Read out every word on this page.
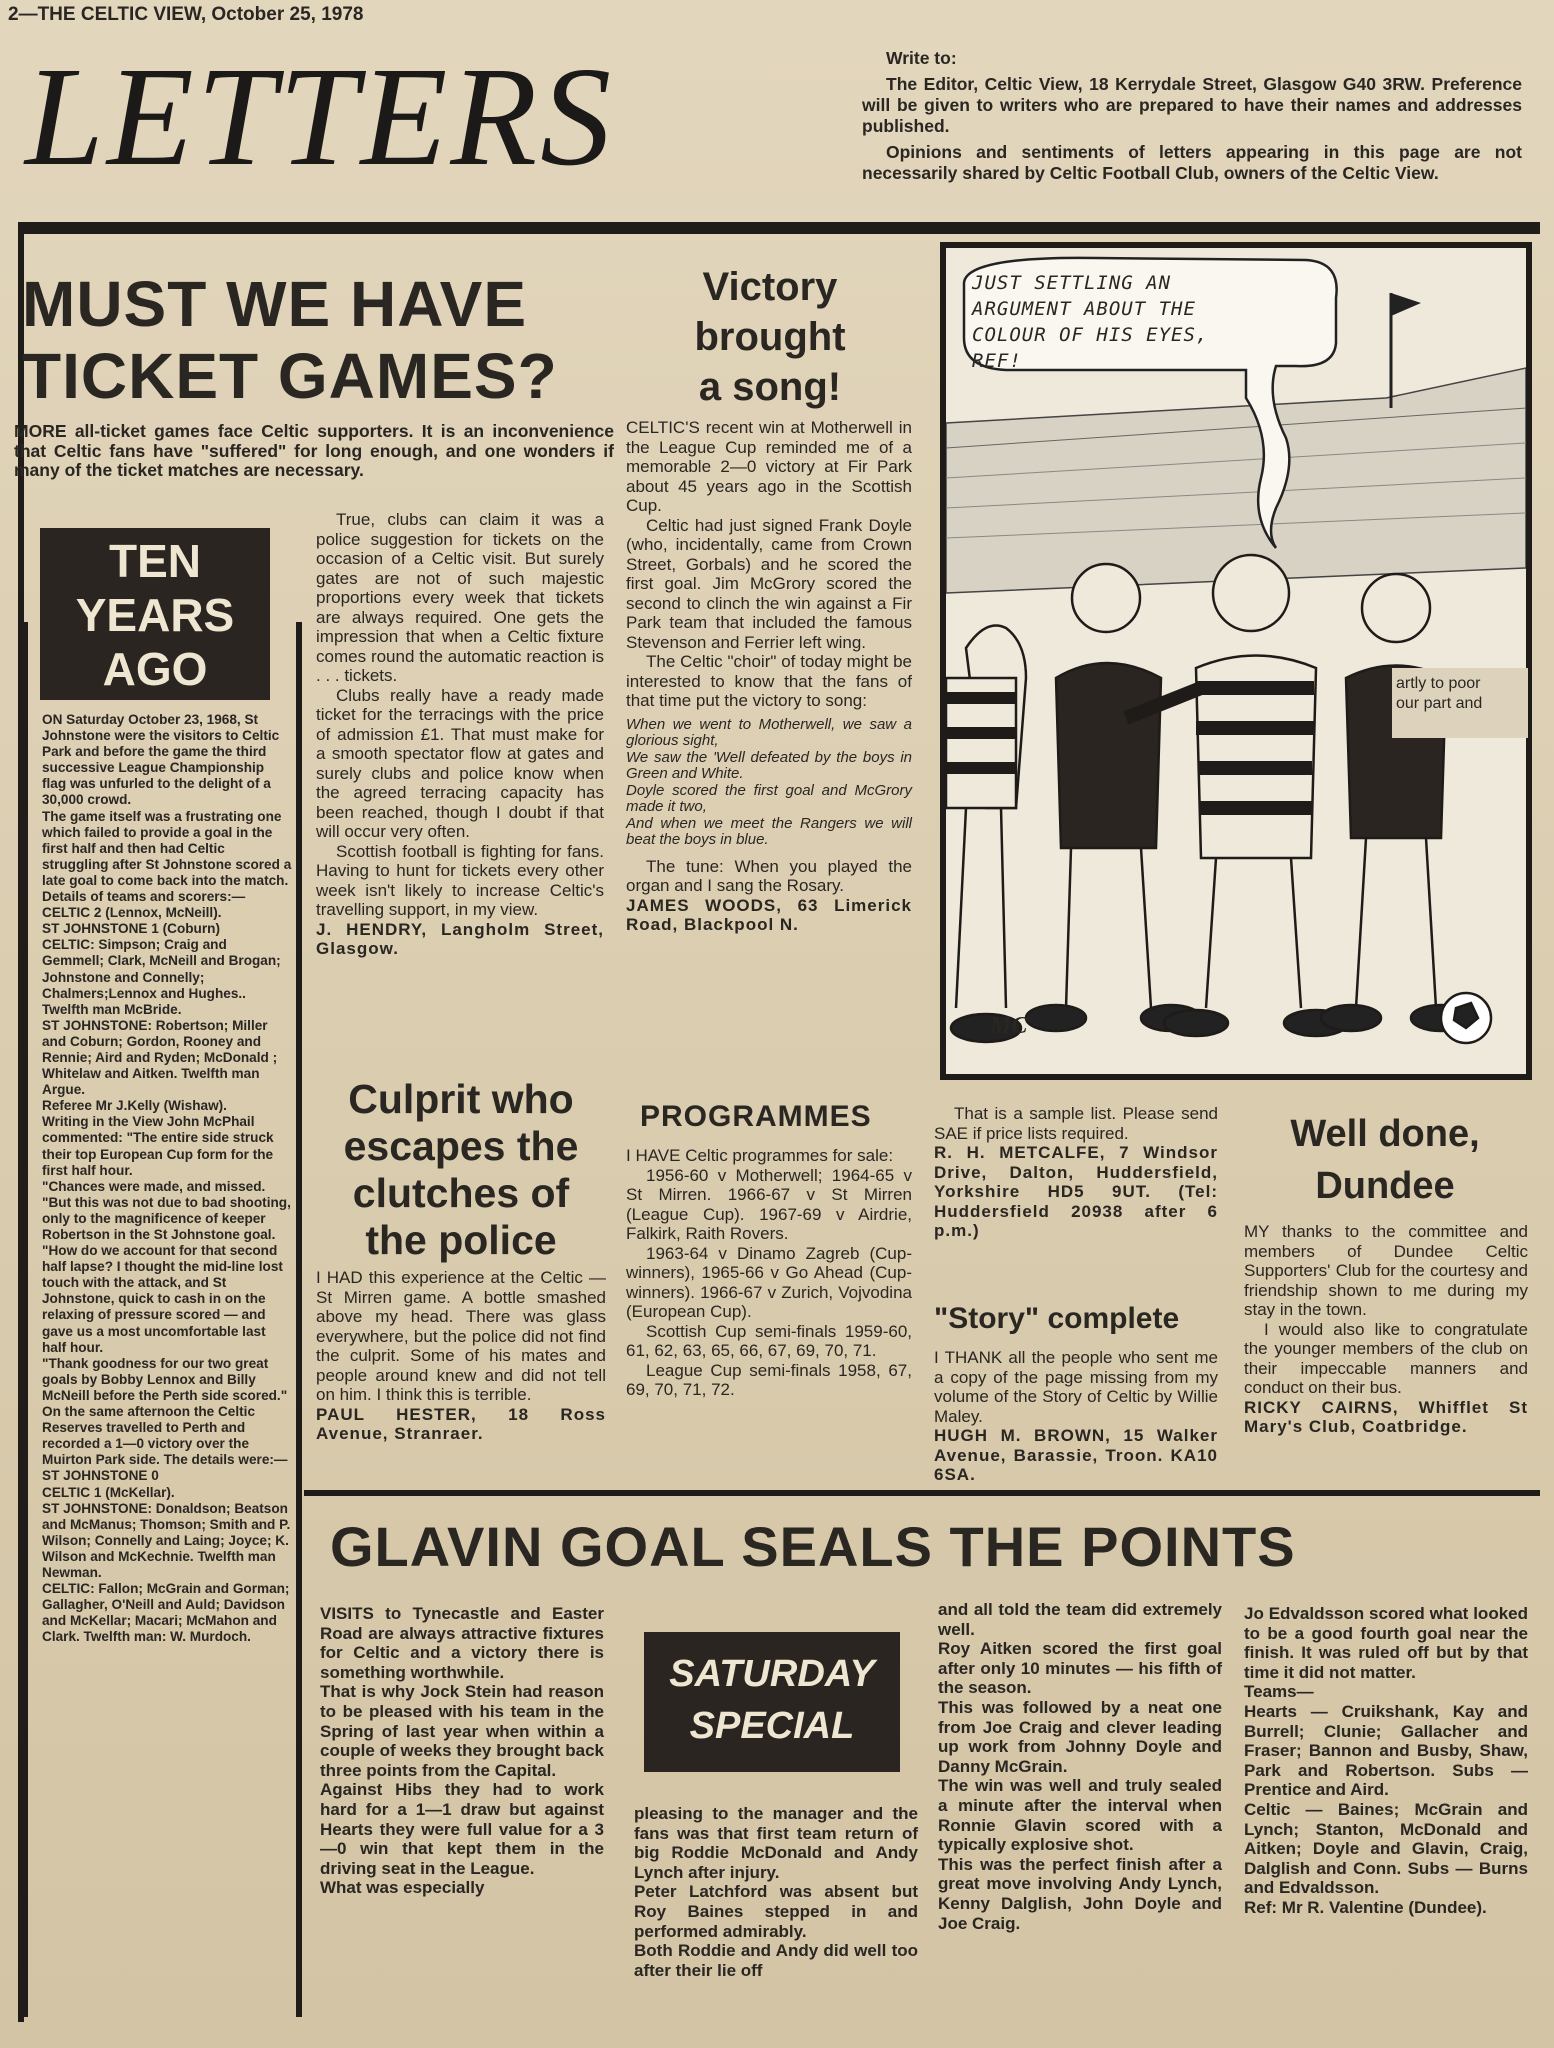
2—THE CELTIC VIEW, October 25, 1978
LETTERS	Write to:

The Editor, Celtic View, 18 Kerrydale Street, Glasgow G40 3RW. Preference will be given to writers who are prepared to have their names and addresses published.

Opinions and sentiments of letters appearing in this page are not necessarily shared by Celtic Football Club, owners of the Celtic View.

MUST WE HAVE
TICKET GAMES?
MORE all-ticket games face Celtic supporters. It is an inconvenience that Celtic fans have "suffered" for long enough, and one wonders if many of the ticket matches are necessary.
TEN
YEARS
AGO
ON Saturday October 23, 1968, St Johnstone were the visitors to Celtic Park and before the game the third successive League Championship flag was unfurled to the delight of a 30,000 crowd.
The game itself was a frustrating one which failed to provide a goal in the first half and then had Celtic struggling after St Johnstone scored a late goal to come back into the match.
Details of teams and scorers:—
CELTIC 2 (Lennox, McNeill).
ST JOHNSTONE 1 (Coburn)
CELTIC: Simpson; Craig and Gemmell; Clark, McNeill and Brogan; Johnstone and Connelly; Chalmers;Lennox and Hughes.. Twelfth man McBride.
ST JOHNSTONE: Robertson; Miller and Coburn; Gordon, Rooney and Rennie; Aird and Ryden; McDonald ; Whitelaw and Aitken. Twelfth man Argue.
Referee Mr J.Kelly (Wishaw).
Writing in the View John McPhail commented: "The entire side struck their top European Cup form for the first half hour.
"Chances were made, and missed.
"But this was not due to bad shooting, only to the magnificence of keeper Robertson in the St Johnstone goal.
"How do we account for that second half lapse? I thought the mid-line lost touch with the attack, and St Johnstone, quick to cash in on the relaxing of pressure scored — and gave us a most uncomfortable last half hour.
"Thank goodness for our two great goals by Bobby Lennox and Billy McNeill before the Perth side scored."
On the same afternoon the Celtic Reserves travelled to Perth and recorded a 1—0 victory over the Muirton Park side. The details were:—
ST JOHNSTONE 0
CELTIC 1 (McKellar).
ST JOHNSTONE: Donaldson; Beatson and McManus; Thomson; Smith and P. Wilson; Connelly and Laing; Joyce; K. Wilson and McKechnie. Twelfth man Newman.
CELTIC: Fallon; McGrain and Gorman; Gallagher, O'Neill and Auld; Davidson and McKellar; Macari; McMahon and Clark. Twelfth man: W. Murdoch.

True, clubs can claim it was a police suggestion for tickets on the occasion of a Celtic visit. But surely gates are not of such majestic proportions every week that tickets are always required. One gets the impression that when a Celtic fixture comes round the automatic reaction is . . . tickets.

Clubs really have a ready made ticket for the terracings with the price of admission £1. That must make for a smooth spectator flow at gates and surely clubs and police know when the agreed terracing capacity has been reached, though I doubt if that will occur very often.

Scottish football is fighting for fans. Having to hunt for tickets every other week isn't likely to increase Celtic's travelling support, in my view.

J. HENDRY, Langholm Street, Glasgow.
Culprit who
escapes the
clutches of
the police

I HAD this experience at the Celtic — St Mirren game. A bottle smashed above my head. There was glass everywhere, but the police did not find the culprit. Some of his mates and people around knew and did not tell on him. I think this is terrible.

PAUL HESTER, 18 Ross Avenue, Stranraer.
Victory
brought
a song!

CELTIC'S recent win at Motherwell in the League Cup reminded me of a memorable 2—0 victory at Fir Park about 45 years ago in the Scottish Cup.

Celtic had just signed Frank Doyle (who, incidentally, came from Crown Street, Gorbals) and he scored the first goal. Jim McGrory scored the second to clinch the win against a Fir Park team that included the famous Stevenson and Ferrier left wing.

The Celtic "choir" of today might be interested to know that the fans of that time put the victory to song:

When we went to Motherwell, we saw a glorious sight,
We saw the 'Well defeated by the boys in Green and White.
Doyle scored the first goal and McGrory made it two,
And when we meet the Rangers we will beat the boys in blue.

The tune: When you played the organ and I sang the Rosary.

JAMES WOODS, 63 Limerick Road, Blackpool N.
PROGRAMMES

I HAVE Celtic programmes for sale:

1956-60 v Motherwell; 1964-65 v St Mirren. 1966-67 v St Mirren (League Cup). 1967-69 v Airdrie, Falkirk, Raith Rovers.

1963-64 v Dinamo Zagreb (Cup-winners), 1965-66 v Go Ahead (Cup-winners). 1966-67 v Zurich, Vojvodina (European Cup).

Scottish Cup semi-finals 1959-60, 61, 62, 63, 65, 66, 67, 69, 70, 71.

League Cup semi-finals 1958, 67, 69, 70, 71, 72.

That is a sample list. Please send SAE if price lists required.

R. H. METCALFE, 7 Windsor Drive, Dalton, Huddersfield, Yorkshire HD5 9UT. (Tel: Huddersfield 20938 after 6 p.m.)
"Story" complete

I THANK all the people who sent me a copy of the page missing from my volume of the Story of Celtic by Willie Maley.

HUGH M. BROWN, 15 Walker Avenue, Barassie, Troon. KA10 6SA.
Well done,
Dundee

MY thanks to the committee and members of Dundee Celtic Supporters' Club for the courtesy and friendship shown to me during my stay in the town.

I would also like to congratulate the younger members of the club on their impeccable manners and conduct on their bus.

RICKY CAIRNS, Whifflet St Mary's Club, Coatbridge.
JUST SETTLING AN ARGUMENT ABOUT THE COLOUR OF HIS EYES, REF!
MC
artly to poor
our part and
GLAVIN GOAL SEALS THE POINTS

VISITS to Tynecastle and Easter Road are always attractive fixtures for Celtic and a victory there is something worthwhile.

That is why Jock Stein had reason to be pleased with his team in the Spring of last year when within a couple of weeks they brought back three points from the Capital.

Against Hibs they had to work hard for a 1—1 draw but against Hearts they were full value for a 3—0 win that kept them in the driving seat in the League.

What was especially

SATURDAY
SPECIAL

pleasing to the manager and the fans was that first team return of big Roddie McDonald and Andy Lynch after injury.

Peter Latchford was absent but Roy Baines stepped in and performed admirably.

Both Roddie and Andy did well too after their lie off

and all told the team did extremely well.

Roy Aitken scored the first goal after only 10 minutes — his fifth of the season.

This was followed by a neat one from Joe Craig and clever leading up work from Johnny Doyle and Danny McGrain.

The win was well and truly sealed a minute after the interval when Ronnie Glavin scored with a typically explosive shot.

This was the perfect finish after a great move involving Andy Lynch, Kenny Dalglish, John Doyle and Joe Craig.

Jo Edvaldsson scored what looked to be a good fourth goal near the finish. It was ruled off but by that time it did not matter.

Teams—

Hearts — Cruikshank, Kay and Burrell; Clunie; Gallacher and Fraser; Bannon and Busby, Shaw, Park and Robertson. Subs — Prentice and Aird.

Celtic — Baines; McGrain and Lynch; Stanton, McDonald and Aitken; Doyle and Glavin, Craig, Dalglish and Conn. Subs — Burns and Edvaldsson.

Ref: Mr R. Valentine (Dundee).
